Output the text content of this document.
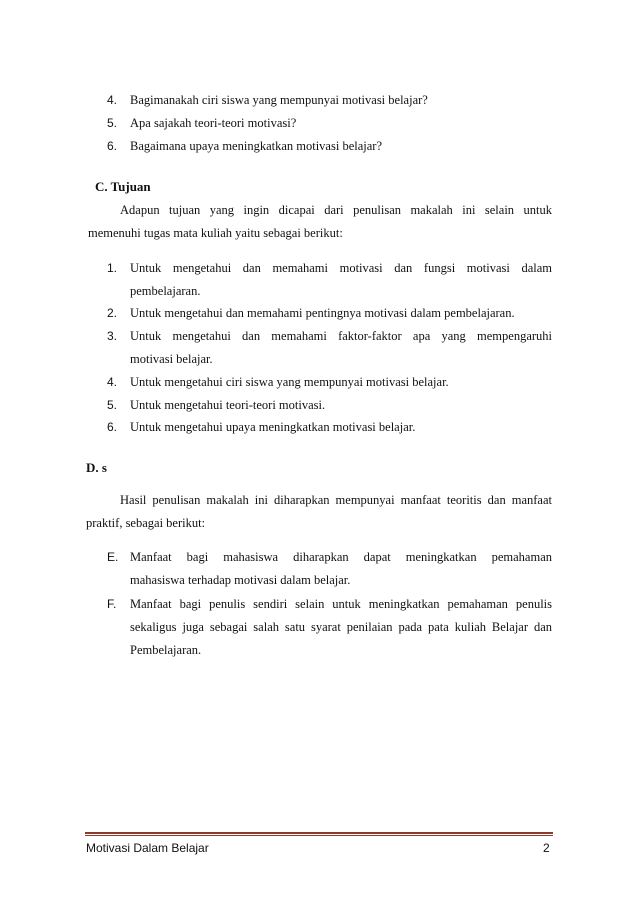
4. Bagimanakah ciri siswa yang mempunyai motivasi belajar?
5. Apa sajakah teori-teori motivasi?
6. Bagaimana upaya meningkatkan motivasi belajar?
C. Tujuan
Adapun tujuan yang ingin dicapai dari penulisan makalah ini selain untuk
memenuhi tugas mata kuliah yaitu sebagai berikut:
1. Untuk mengetahui dan memahami motivasi dan fungsi motivasi dalam
pembelajaran.
2. Untuk mengetahui dan memahami pentingnya motivasi dalam pembelajaran.
3. Untuk mengetahui dan memahami faktor-faktor apa yang mempengaruhi
motivasi belajar.
4. Untuk mengetahui ciri siswa yang mempunyai motivasi belajar.
5. Untuk mengetahui teori-teori motivasi.
6. Untuk mengetahui upaya meningkatkan motivasi belajar.
D. s
Hasil penulisan makalah ini diharapkan mempunyai manfaat teoritis dan manfaat
praktif, sebagai berikut:
E. Manfaat bagi mahasiswa diharapkan dapat meningkatkan pemahaman
mahasiswa terhadap motivasi dalam belajar.
F. Manfaat bagi penulis sendiri selain untuk meningkatkan pemahaman penulis
sekaligus juga sebagai salah satu syarat penilaian pada pata kuliah Belajar dan
Pembelajaran.
Motivasi Dalam Belajar	2
